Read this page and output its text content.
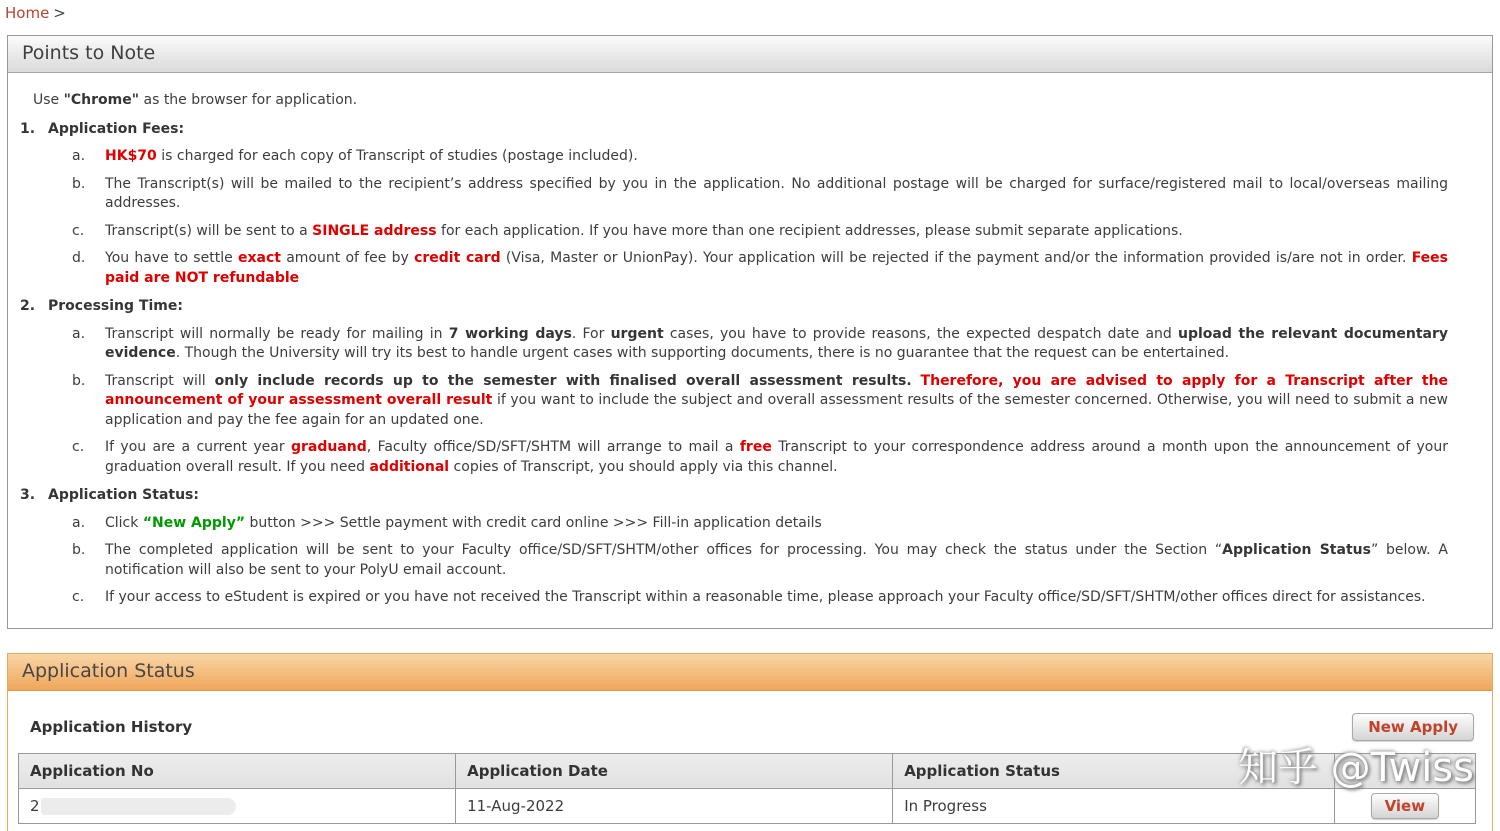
Home >
Points to Note
Use "Chrome" as the browser for application.
1. Application Fees:
a.	HK$70 is charged for each copy of Transcript of studies (postage included).
b.	The Transcript(s) will be mailed to the recipient’s address specified by you in the application. No additional postage will be charged for surface/registered mail to local/overseas mailing addresses.
c.	Transcript(s) will be sent to a SINGLE address for each application. If you have more than one recipient addresses, please submit separate applications.
d.	You have to settle exact amount of fee by credit card (Visa, Master or UnionPay). Your application will be rejected if the payment and/or the information provided is/are not in order. Fees paid are NOT refundable
2. Processing Time:
a.	Transcript will normally be ready for mailing in 7 working days. For urgent cases, you have to provide reasons, the expected despatch date and upload the relevant documentary evidence. Though the University will try its best to handle urgent cases with supporting documents, there is no guarantee that the request can be entertained.
b.	Transcript will only include records up to the semester with finalised overall assessment results. Therefore, you are advised to apply for a Transcript after the announcement of your assessment overall result if you want to include the subject and overall assessment results of the semester concerned. Otherwise, you will need to submit a new application and pay the fee again for an updated one.
c.	If you are a current year graduand, Faculty office/SD/SFT/SHTM will arrange to mail a free Transcript to your correspondence address around a month upon the announcement of your graduation overall result. If you need additional copies of Transcript, you should apply via this channel.
3. Application Status:
a.	Click “New Apply” button >>> Settle payment with credit card online >>> Fill-in application details
b.	The completed application will be sent to your Faculty office/SD/SFT/SHTM/other offices for processing. You may check the status under the Section “Application Status” below. A notification will also be sent to your PolyU email account.
c.	If your access to eStudent is expired or you have not received the Transcript within a reasonable time, please approach your Faculty office/SD/SFT/SHTM/other offices direct for assistances.
Application Status
Application History	New Apply
Application No	Application Date	Application Status	
2	11-Aug-2022	In Progress	View
知乎 @Twiss
